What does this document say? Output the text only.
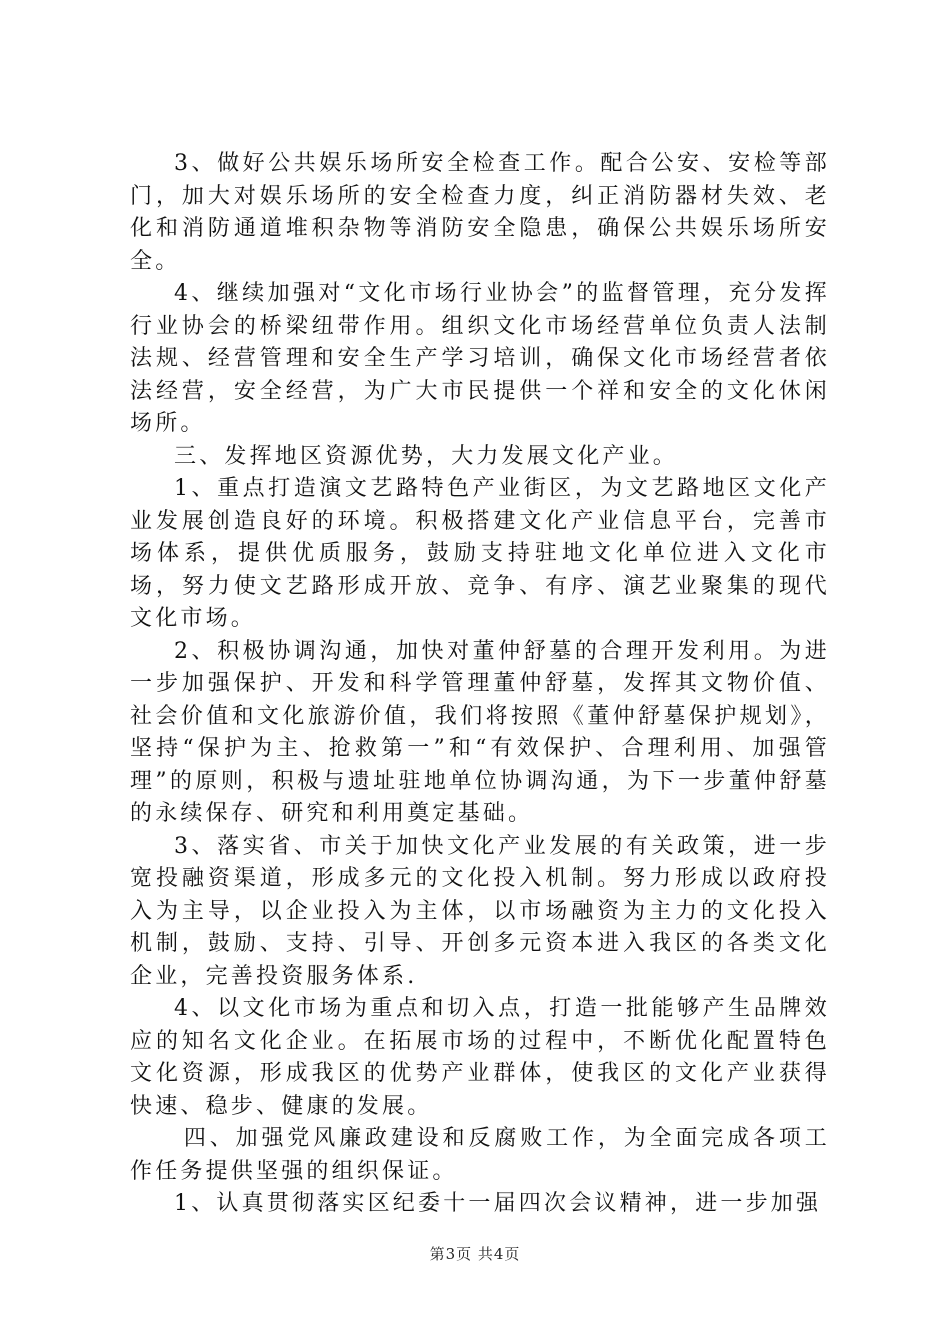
3、做好公共娱乐场所安全检查工作。配合公安、安检等部门，加大对娱乐场所的安全检查力度，纠正消防器材失效、老化和消防通道堆积杂物等消防安全隐患，确保公共娱乐场所安全。

4、继续加强对“文化市场行业协会”的监督管理，充分发挥行业协会的桥梁纽带作用。组织文化市场经营单位负责人法制法规、经营管理和安全生产学习培训，确保文化市场经营者依法经营，安全经营，为广大市民提供一个祥和安全的文化休闲场所。

三、发挥地区资源优势，大力发展文化产业。

1、重点打造演文艺路特色产业街区，为文艺路地区文化产业发展创造良好的环境。积极搭建文化产业信息平台，完善市场体系，提供优质服务，鼓励支持驻地文化单位进入文化市场，努力使文艺路形成开放、竞争、有序、演艺业聚集的现代文化市场。

2、积极协调沟通，加快对董仲舒墓的合理开发利用。为进一步加强保护、开发和科学管理董仲舒墓，发挥其文物价值、社会价值和文化旅游价值，我们将按照《董仲舒墓保护规划》，坚持“保护为主、抢救第一”和“有效保护、合理利用、加强管理”的原则，积极与遗址驻地单位协调沟通，为下一步董仲舒墓的永续保存、研究和利用奠定基础。

3、落实省、市关于加快文化产业发展的有关政策，进一步宽投融资渠道，形成多元的文化投入机制。努力形成以政府投入为主导，以企业投入为主体，以市场融资为主力的文化投入机制，鼓励、支持、引导、开创多元资本进入我区的各类文化企业，完善投资服务体系.

4、以文化市场为重点和切入点，打造一批能够产生品牌效应的知名文化企业。在拓展市场的过程中，不断优化配置特色文化资源，形成我区的优势产业群体，使我区的文化产业获得快速、稳步、健康的发展。

四、加强党风廉政建设和反腐败工作，为全面完成各项工作任务提供坚强的组织保证。

1、认真贯彻落实区纪委十一届四次会议精神，进一步加强

第3页 共4页
